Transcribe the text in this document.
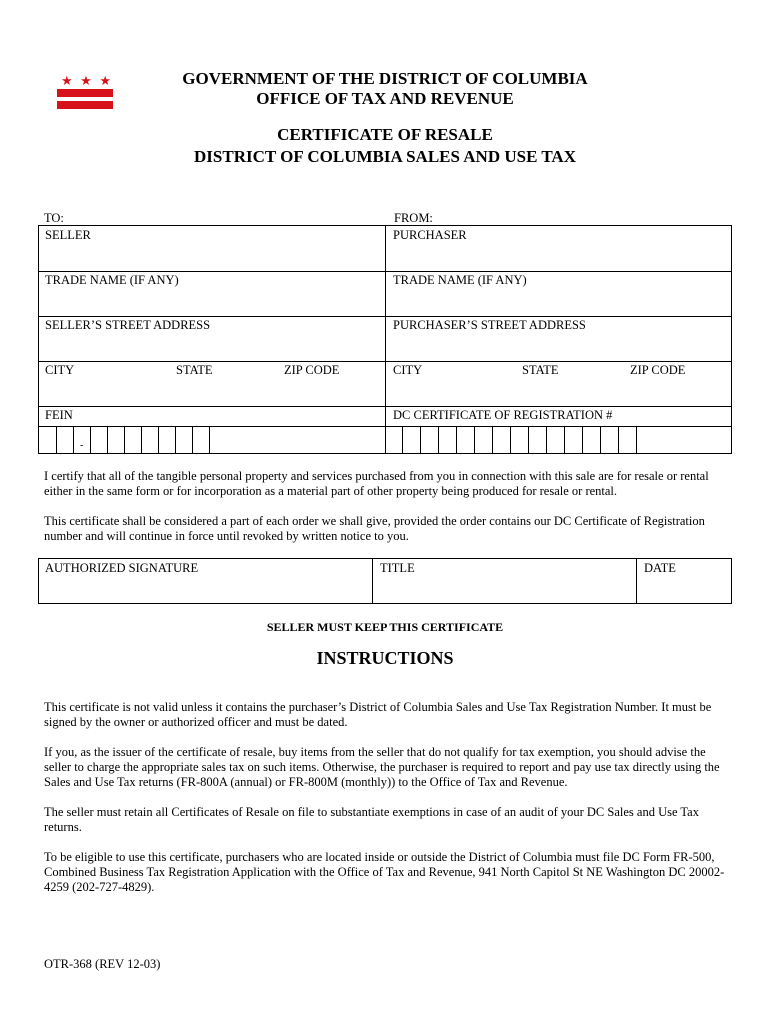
★ ★ ★	GOVERNMENT OF THE DISTRICT OF COLUMBIA
OFFICE OF TAX AND REVENUE
CERTIFICATE OF RESALE
DISTRICT OF COLUMBIA SALES AND USE TAX
TO:	FROM:
SELLER	PURCHASER
TRADE NAME (IF ANY)	TRADE NAME (IF ANY)
SELLER’S STREET ADDRESS	PURCHASER’S STREET ADDRESS
CITY	STATE	ZIP CODE	CITY	STATE	ZIP CODE
FEIN	DC CERTIFICATE OF REGISTRATION #
-
I certify that all of the tangible personal property and services purchased from you in connection with this sale are for resale or rental either in the same form or for incorporation as a material part of other property being produced for resale or rental.
This certificate shall be considered a part of each order we shall give, provided the order contains our DC Certificate of Registration number and will continue in force until revoked by written notice to you.
AUTHORIZED SIGNATURE	TITLE	DATE
SELLER MUST KEEP THIS CERTIFICATE
INSTRUCTIONS
This certificate is not valid unless it contains the purchaser’s District of Columbia Sales and Use Tax Registration Number. It must be signed by the owner or authorized officer and must be dated.
If you, as the issuer of the certificate of resale, buy items from the seller that do not qualify for tax exemption, you should advise the seller to charge the appropriate sales tax on such items. Otherwise, the purchaser is required to report and pay use tax directly using the Sales and Use Tax returns (FR-800A (annual) or FR-800M (monthly)) to the Office of Tax and Revenue.
The seller must retain all Certificates of Resale on file to substantiate exemptions in case of an audit of your DC Sales and Use Tax returns.
To be eligible to use this certificate, purchasers who are located inside or outside the District of Columbia must file DC Form FR-500, Combined Business Tax Registration Application with the Office of Tax and Revenue, 941 North Capitol St NE Washington DC 20002-4259 (202-727-4829).
OTR-368 (REV 12-03)
